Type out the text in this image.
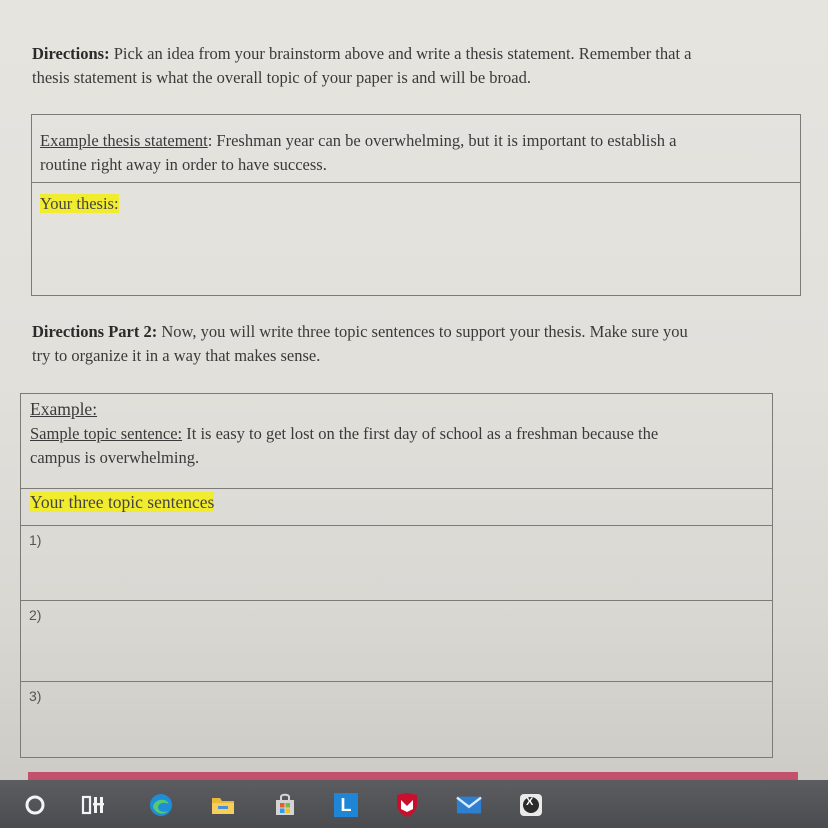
Directions: Pick an idea from your brainstorm above and write a thesis statement. Remember that a
thesis statement is what the overall topic of your paper is and will be broad.
Example thesis statement: Freshman year can be overwhelming, but it is important to establish a
routine right away in order to have success.
Your thesis:
Directions Part 2: Now, you will write three topic sentences to support your thesis. Make sure you
try to organize it in a way that makes sense.
Example:
Sample topic sentence: It is easy to get lost on the first day of school as a freshman because the
campus is overwhelming.
Your three topic sentences
1)
2)
3)
L	X
